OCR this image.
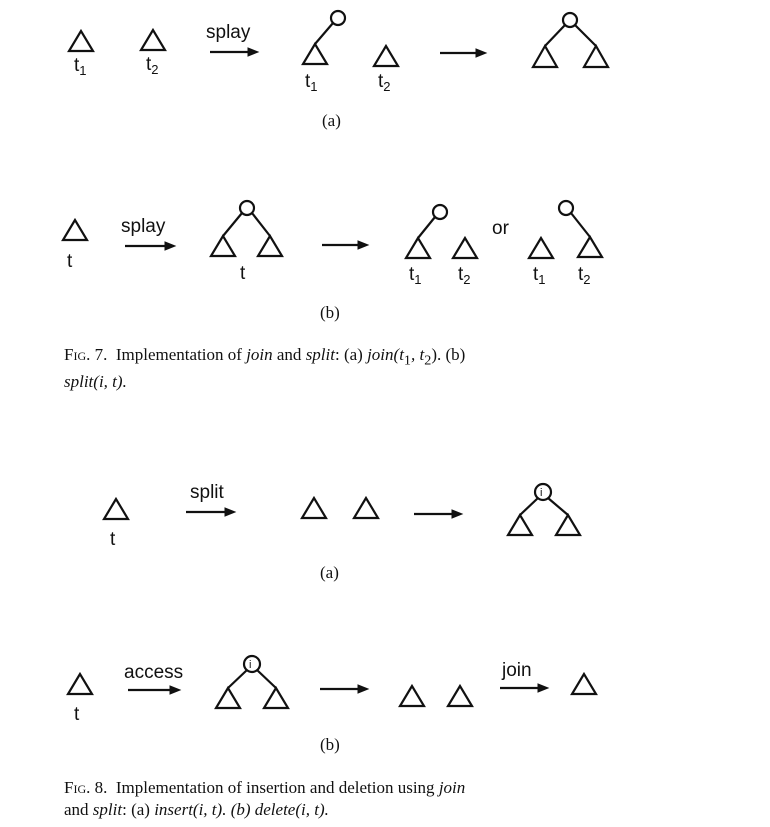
$t_1$	$t_2$
splay
$t_1$	$t_2$
(a)
t
splay
t	$t_1$ $t_2$
or
$t_1$ $t_2$
(b)
t
split	i
(a)
t
access	i	join
(b)

Fig. 7. Implementation of join and split: (a) $join(t_1$, $t_2$). (b)
split(i, t).

Fig. 8. Implementation of insertion and deletion using join
and split: (a) insert(i, t). (b) delete(i, t).
